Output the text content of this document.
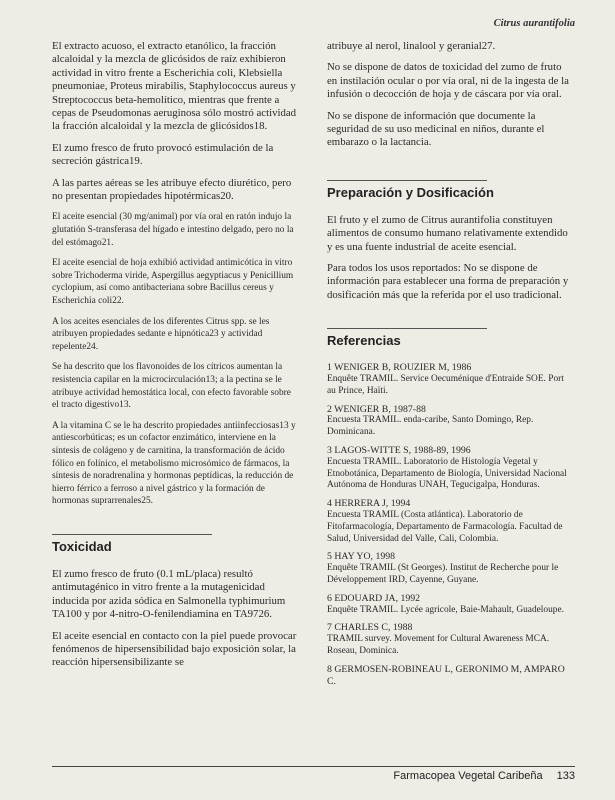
Citrus aurantifolia

El extracto acuoso, el extracto etanólico, la fracción alcaloidal y la mezcla de glicósidos de raíz exhibieron actividad in vitro frente a Escherichia coli, Klebsiella pneumoniae, Proteus mirabilis, Staphylococcus aureus y Streptococcus beta-hemolítico, mientras que frente a cepas de Pseudomonas aeruginosa sólo mostró actividad la fracción alcaloidal y la mezcla de glicósidos18.

El zumo fresco de fruto provocó estimulación de la secreción gástrica19.

A las partes aéreas se les atribuye efecto diurético, pero no presentan propiedades hipotérmicas20.

El aceite esencial (30 mg/animal) por vía oral en ratón indujo la glutatión S-transferasa del hígado e intestino delgado, pero no la del estómago21.

El aceite esencial de hoja exhibió actividad antimicótica in vitro sobre Trichoderma viride, Aspergillus aegyptiacus y Penicillium cyclopium, así como antibacteriana sobre Bacillus cereus y Escherichia coli22.

A los aceites esenciales de los diferentes Citrus spp. se les atribuyen propiedades sedante e hipnótica23 y actividad repelente24.

Se ha descrito que los flavonoides de los cítricos aumentan la resistencia capilar en la microcirculación13; a la pectina se le atribuye actividad hemostática local, con efecto favorable sobre el tracto digestivo13.

A la vitamina C se le ha descrito propiedades antiinfecciosas13 y antiescorbúticas; es un cofactor enzimático, interviene en la síntesis de colágeno y de carnitina, la transformación de ácido fólico en folínico, el metabolismo microsómico de fármacos, la síntesis de noradrenalina y hormonas peptídicas, la reducción de hierro férrico a ferroso a nivel gástrico y la formación de hormonas suprarrenales25.

Toxicidad

El zumo fresco de fruto (0.1 mL/placa) resultó antimutagénico in vitro frente a la mutagenicidad inducida por azida sódica en Salmonella typhimurium TA100 y por 4-nitro-O-fenilendiamina en TA9726.

El aceite esencial en contacto con la piel puede provocar fenómenos de hipersensibilidad bajo exposición solar, la reacción hipersensibilizante se

atribuye al nerol, linalool y geranial27.

No se dispone de datos de toxicidad del zumo de fruto en instilación ocular o por vía oral, ni de la ingesta de la infusión o decocción de hoja y de cáscara por vía oral.

No se dispone de información que documente la seguridad de su uso medicinal en niños, durante el embarazo o la lactancia.

Preparación y Dosificación

El fruto y el zumo de Citrus aurantifolia constituyen alimentos de consumo humano relativamente extendido y es una fuente industrial de aceite esencial.

Para todos los usos reportados: No se dispone de información para establecer una forma de preparación y dosificación más que la referida por el uso tradicional.

Referencias
1 WENIGER B, ROUZIER M, 1986
Enquête TRAMIL. Service Oecuménique d'Entraide SOE. Port au Prince, Haïti.
2 WENIGER B, 1987-88
Encuesta TRAMIL. enda-caribe, Santo Domingo, Rep. Dominicana.
3 LAGOS-WITTE S, 1988-89, 1996
Encuesta TRAMIL. Laboratorio de Histología Vegetal y Etnobotánica, Departamento de Biología, Universidad Nacional Autónoma de Honduras UNAH, Tegucigalpa, Honduras.
4 HERRERA J, 1994
Encuesta TRAMIL (Costa atlántica). Laboratorio de Fitofarmacología, Departamento de Farmacología. Facultad de Salud, Universidad del Valle, Cali, Colombia.
5 HAY YO, 1998
Enquête TRAMIL (St Georges). Institut de Recherche pour le Développement IRD, Cayenne, Guyane.
6 EDOUARD JA, 1992
Enquête TRAMIL. Lycée agricole, Baie-Mahault, Guadeloupe.
7 CHARLES C, 1988
TRAMIL survey. Movement for Cultural Awareness MCA. Roseau, Dominica.
8 GERMOSEN-ROBINEAU L, GERONIMO M, AMPARO C.
Farmacopea Vegetal Caribeña 133
